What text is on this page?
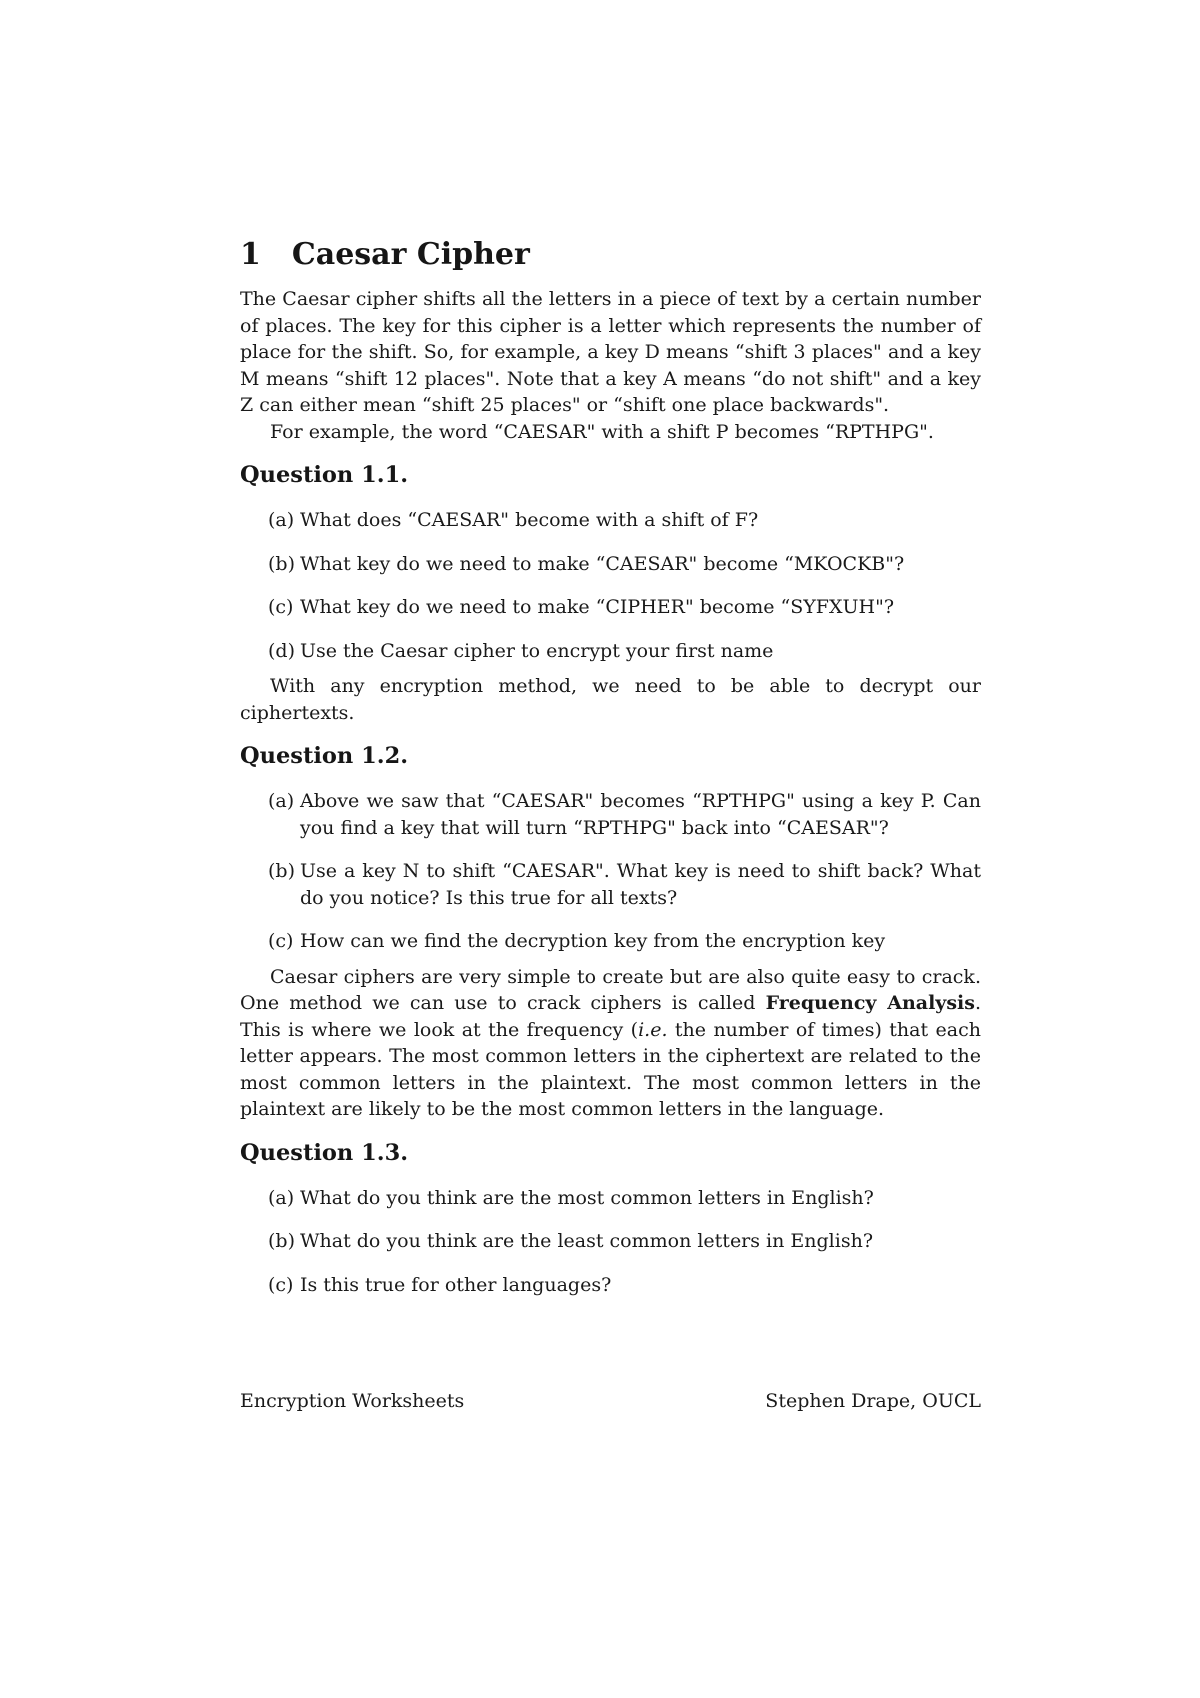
1 Caesar Cipher

The Caesar cipher shifts all the letters in a piece of text by a certain number of places. The key for this cipher is a letter which represents the number of place for the shift. So, for example, a key D means “shift 3 places" and a key M means “shift 12 places". Note that a key A means “do not shift" and a key Z can either mean “shift 25 places" or “shift one place backwards".

For example, the word “CAESAR" with a shift P becomes “RPTHPG".

Question 1.1.
(a) What does “CAESAR" become with a shift of F?
(b) What key do we need to make “CAESAR" become “MKOCKB"?
(c) What key do we need to make “CIPHER" become “SYFXUH"?
(d) Use the Caesar cipher to encrypt your first name

With any encryption method, we need to be able to decrypt our ciphertexts.

Question 1.2.
(a) Above we saw that “CAESAR" becomes “RPTHPG" using a key P. Can you find a key that will turn “RPTHPG" back into “CAESAR"?
(b) Use a key N to shift “CAESAR". What key is need to shift back? What do you notice? Is this true for all texts?
(c) How can we find the decryption key from the encryption key

Caesar ciphers are very simple to create but are also quite easy to crack. One method we can use to crack ciphers is called Frequency Analysis. This is where we look at the frequency (i.e. the number of times) that each letter appears. The most common letters in the ciphertext are related to the most common letters in the plaintext. The most common letters in the plaintext are likely to be the most common letters in the language.

Question 1.3.
(a) What do you think are the most common letters in English?
(b) What do you think are the least common letters in English?
(c) Is this true for other languages?
Encryption Worksheets	Stephen Drape, OUCL
